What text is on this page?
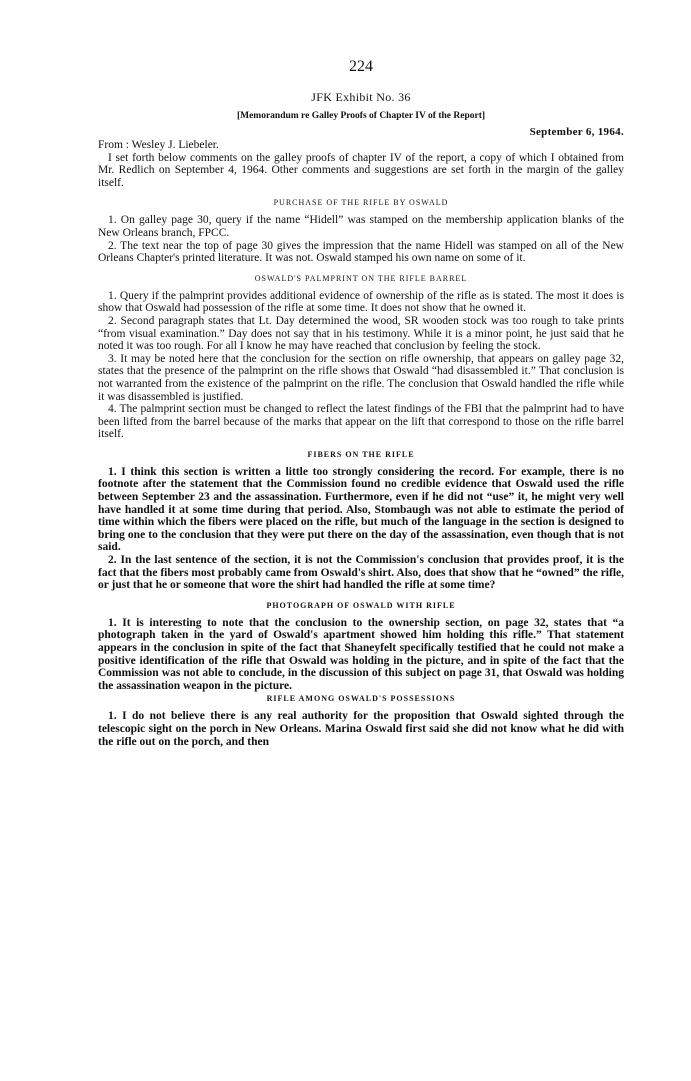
224
JFK Exhibit No. 36
[Memorandum re Galley Proofs of Chapter IV of the Report]
September 6, 1964.

From : Wesley J. Liebeler.

I set forth below comments on the galley proofs of chapter IV of the report, a copy of which I obtained from Mr. Redlich on September 4, 1964. Other comments and suggestions are set forth in the margin of the galley itself.

PURCHASE OF THE RIFLE BY OSWALD

1. On galley page 30, query if the name “Hidell” was stamped on the membership application blanks of the New Orleans branch, FPCC.

2. The text near the top of page 30 gives the impression that the name Hidell was stamped on all of the New Orleans Chapter's printed literature. It was not. Oswald stamped his own name on some of it.

OSWALD'S PALMPRINT ON THE RIFLE BARREL

1. Query if the palmprint provides additional evidence of ownership of the rifle as is stated. The most it does is show that Oswald had possession of the rifle at some time. It does not show that he owned it.

2. Second paragraph states that Lt. Day determined the wood, SR wooden stock was too rough to take prints “from visual examination.” Day does not say that in his testimony. While it is a minor point, he just said that he noted it was too rough. For all I know he may have reached that conclusion by feeling the stock.

3. It may be noted here that the conclusion for the section on rifle ownership, that appears on galley page 32, states that the presence of the palmprint on the rifle shows that Oswald “had disassembled it.” That conclusion is not warranted from the existence of the palmprint on the rifle. The conclusion that Oswald handled the rifle while it was disassembled is justified.

4. The palmprint section must be changed to reflect the latest findings of the FBI that the palmprint had to have been lifted from the barrel because of the marks that appear on the lift that correspond to those on the rifle barrel itself.

FIBERS ON THE RIFLE

1. I think this section is written a little too strongly considering the record. For example, there is no footnote after the statement that the Commission found no credible evidence that Oswald used the rifle between September 23 and the assassination. Furthermore, even if he did not “use” it, he might very well have handled it at some time during that period. Also, Stombaugh was not able to estimate the period of time within which the fibers were placed on the rifle, but much of the language in the section is designed to bring one to the conclusion that they were put there on the day of the assassination, even though that is not said.

2. In the last sentence of the section, it is not the Commission's conclusion that provides proof, it is the fact that the fibers most probably came from Oswald's shirt. Also, does that show that he “owned” the rifle, or just that he or someone that wore the shirt had handled the rifle at some time?

PHOTOGRAPH OF OSWALD WITH RIFLE

1. It is interesting to note that the conclusion to the ownership section, on page 32, states that “a photograph taken in the yard of Oswald's apartment showed him holding this rifle.” That statement appears in the conclusion in spite of the fact that Shaneyfelt specifically testified that he could not make a positive identification of the rifle that Oswald was holding in the picture, and in spite of the fact that the Commission was not able to conclude, in the discussion of this subject on page 31, that Oswald was holding the assassination weapon in the picture.

RIFLE AMONG OSWALD'S POSSESSIONS

1. I do not believe there is any real authority for the proposition that Oswald sighted through the telescopic sight on the porch in New Orleans. Marina Oswald first said she did not know what he did with the rifle out on the porch, and then
